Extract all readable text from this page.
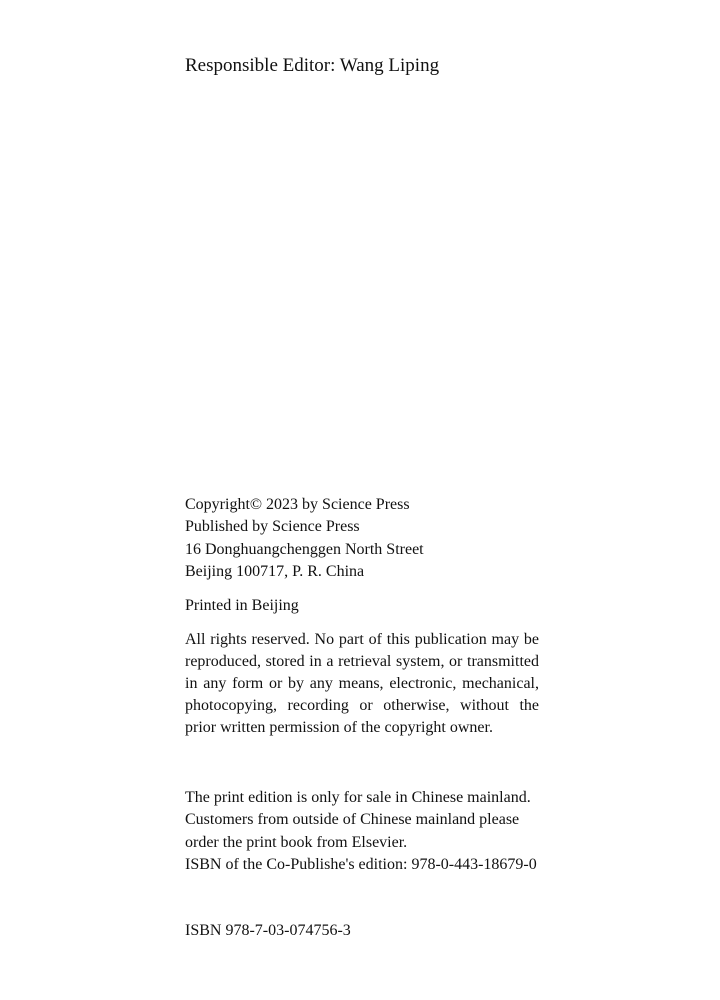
Responsible Editor: Wang Liping
Copyright© 2023 by Science Press
Published by Science Press
16 Donghuangchenggen North Street
Beijing 100717, P. R. China
Printed in Beijing
All rights reserved. No part of this publication may be reproduced, stored in a retrieval system, or transmitted in any form or by any means, electronic, mechanical, photocopying, recording or otherwise, without the prior written permission of the copyright owner.
The print edition is only for sale in Chinese mainland.
Customers from outside of Chinese mainland please
order the print book from Elsevier.
ISBN of the Co-Publishe's edition: 978-0-443-18679-0
ISBN 978-7-03-074756-3
